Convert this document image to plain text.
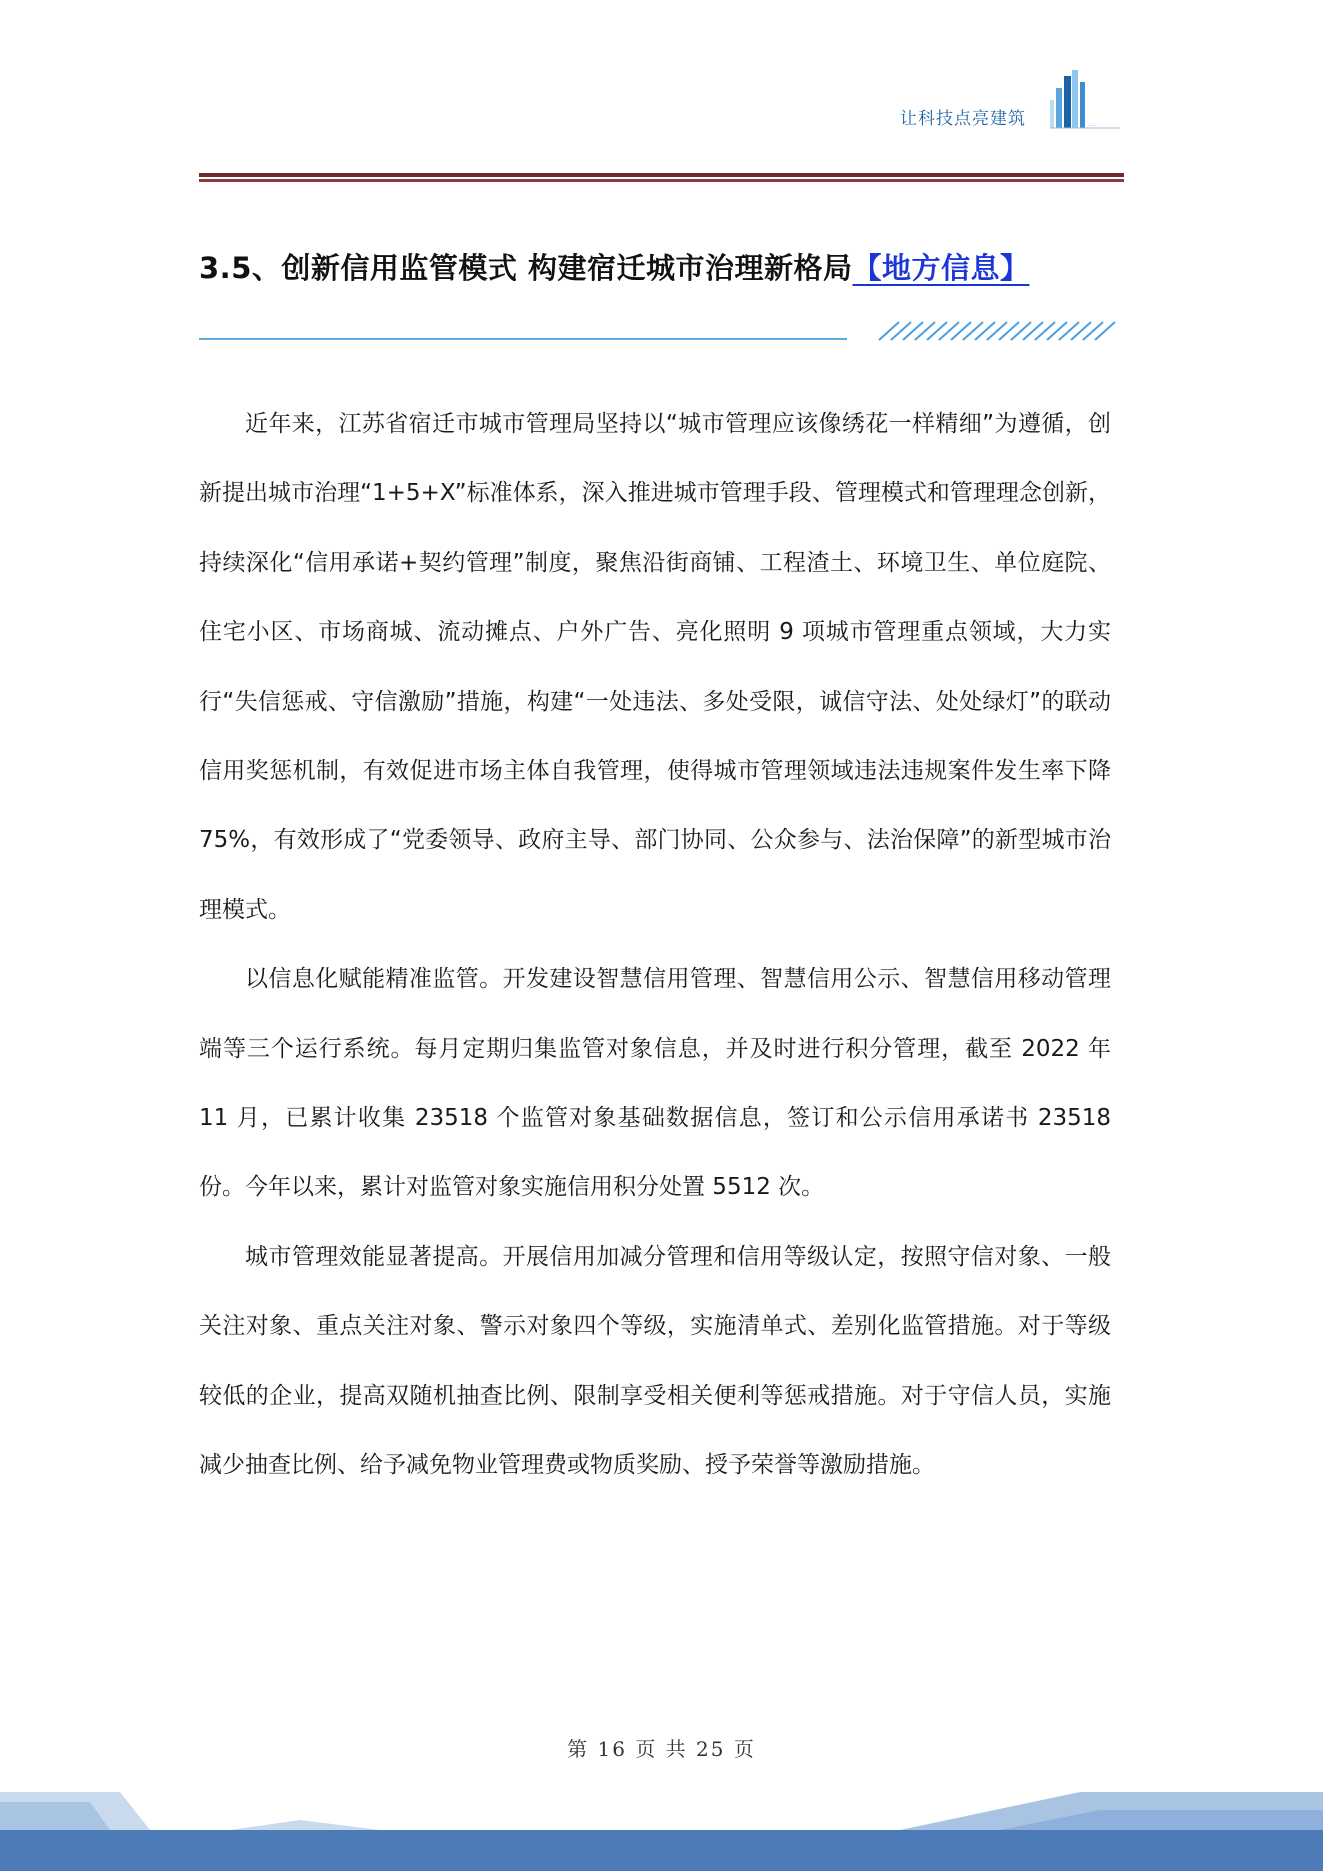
让科技点亮建筑	⋯
3.5、创新信用监管模式 构建宿迁城市治理新格局【地方信息】

近年来，江苏省宿迁市城市管理局坚持以“城市管理应该像绣花一样精细”为遵循，创新提出城市治理“1+5+X”标准体系，深入推进城市管理手段、管理模式和管理理念创新，持续深化“信用承诺+契约管理”制度，聚焦沿街商铺、工程渣土、环境卫生、单位庭院、住宅小区、市场商城、流动摊点、户外广告、亮化照明 9 项城市管理重点领域，大力实行“失信惩戒、守信激励”措施，构建“一处违法、多处受限，诚信守法、处处绿灯”的联动信用奖惩机制，有效促进市场主体自我管理，使得城市管理领域违法违规案件发生率下降 75%，有效形成了“党委领导、政府主导、部门协同、公众参与、法治保障”的新型城市治理模式。

以信息化赋能精准监管。开发建设智慧信用管理、智慧信用公示、智慧信用移动管理端等三个运行系统。每月定期归集监管对象信息，并及时进行积分管理，截至 2022 年 11 月，已累计收集 23518 个监管对象基础数据信息，签订和公示信用承诺书 23518 份。今年以来，累计对监管对象实施信用积分处置 5512 次。

城市管理效能显著提高。开展信用加减分管理和信用等级认定，按照守信对象、一般关注对象、重点关注对象、警示对象四个等级，实施清单式、差别化监管措施。对于等级较低的企业，提高双随机抽查比例、限制享受相关便利等惩戒措施。对于守信人员，实施减少抽查比例、给予减免物业管理费或物质奖励、授予荣誉等激励措施。

第 16 页 共 25 页
